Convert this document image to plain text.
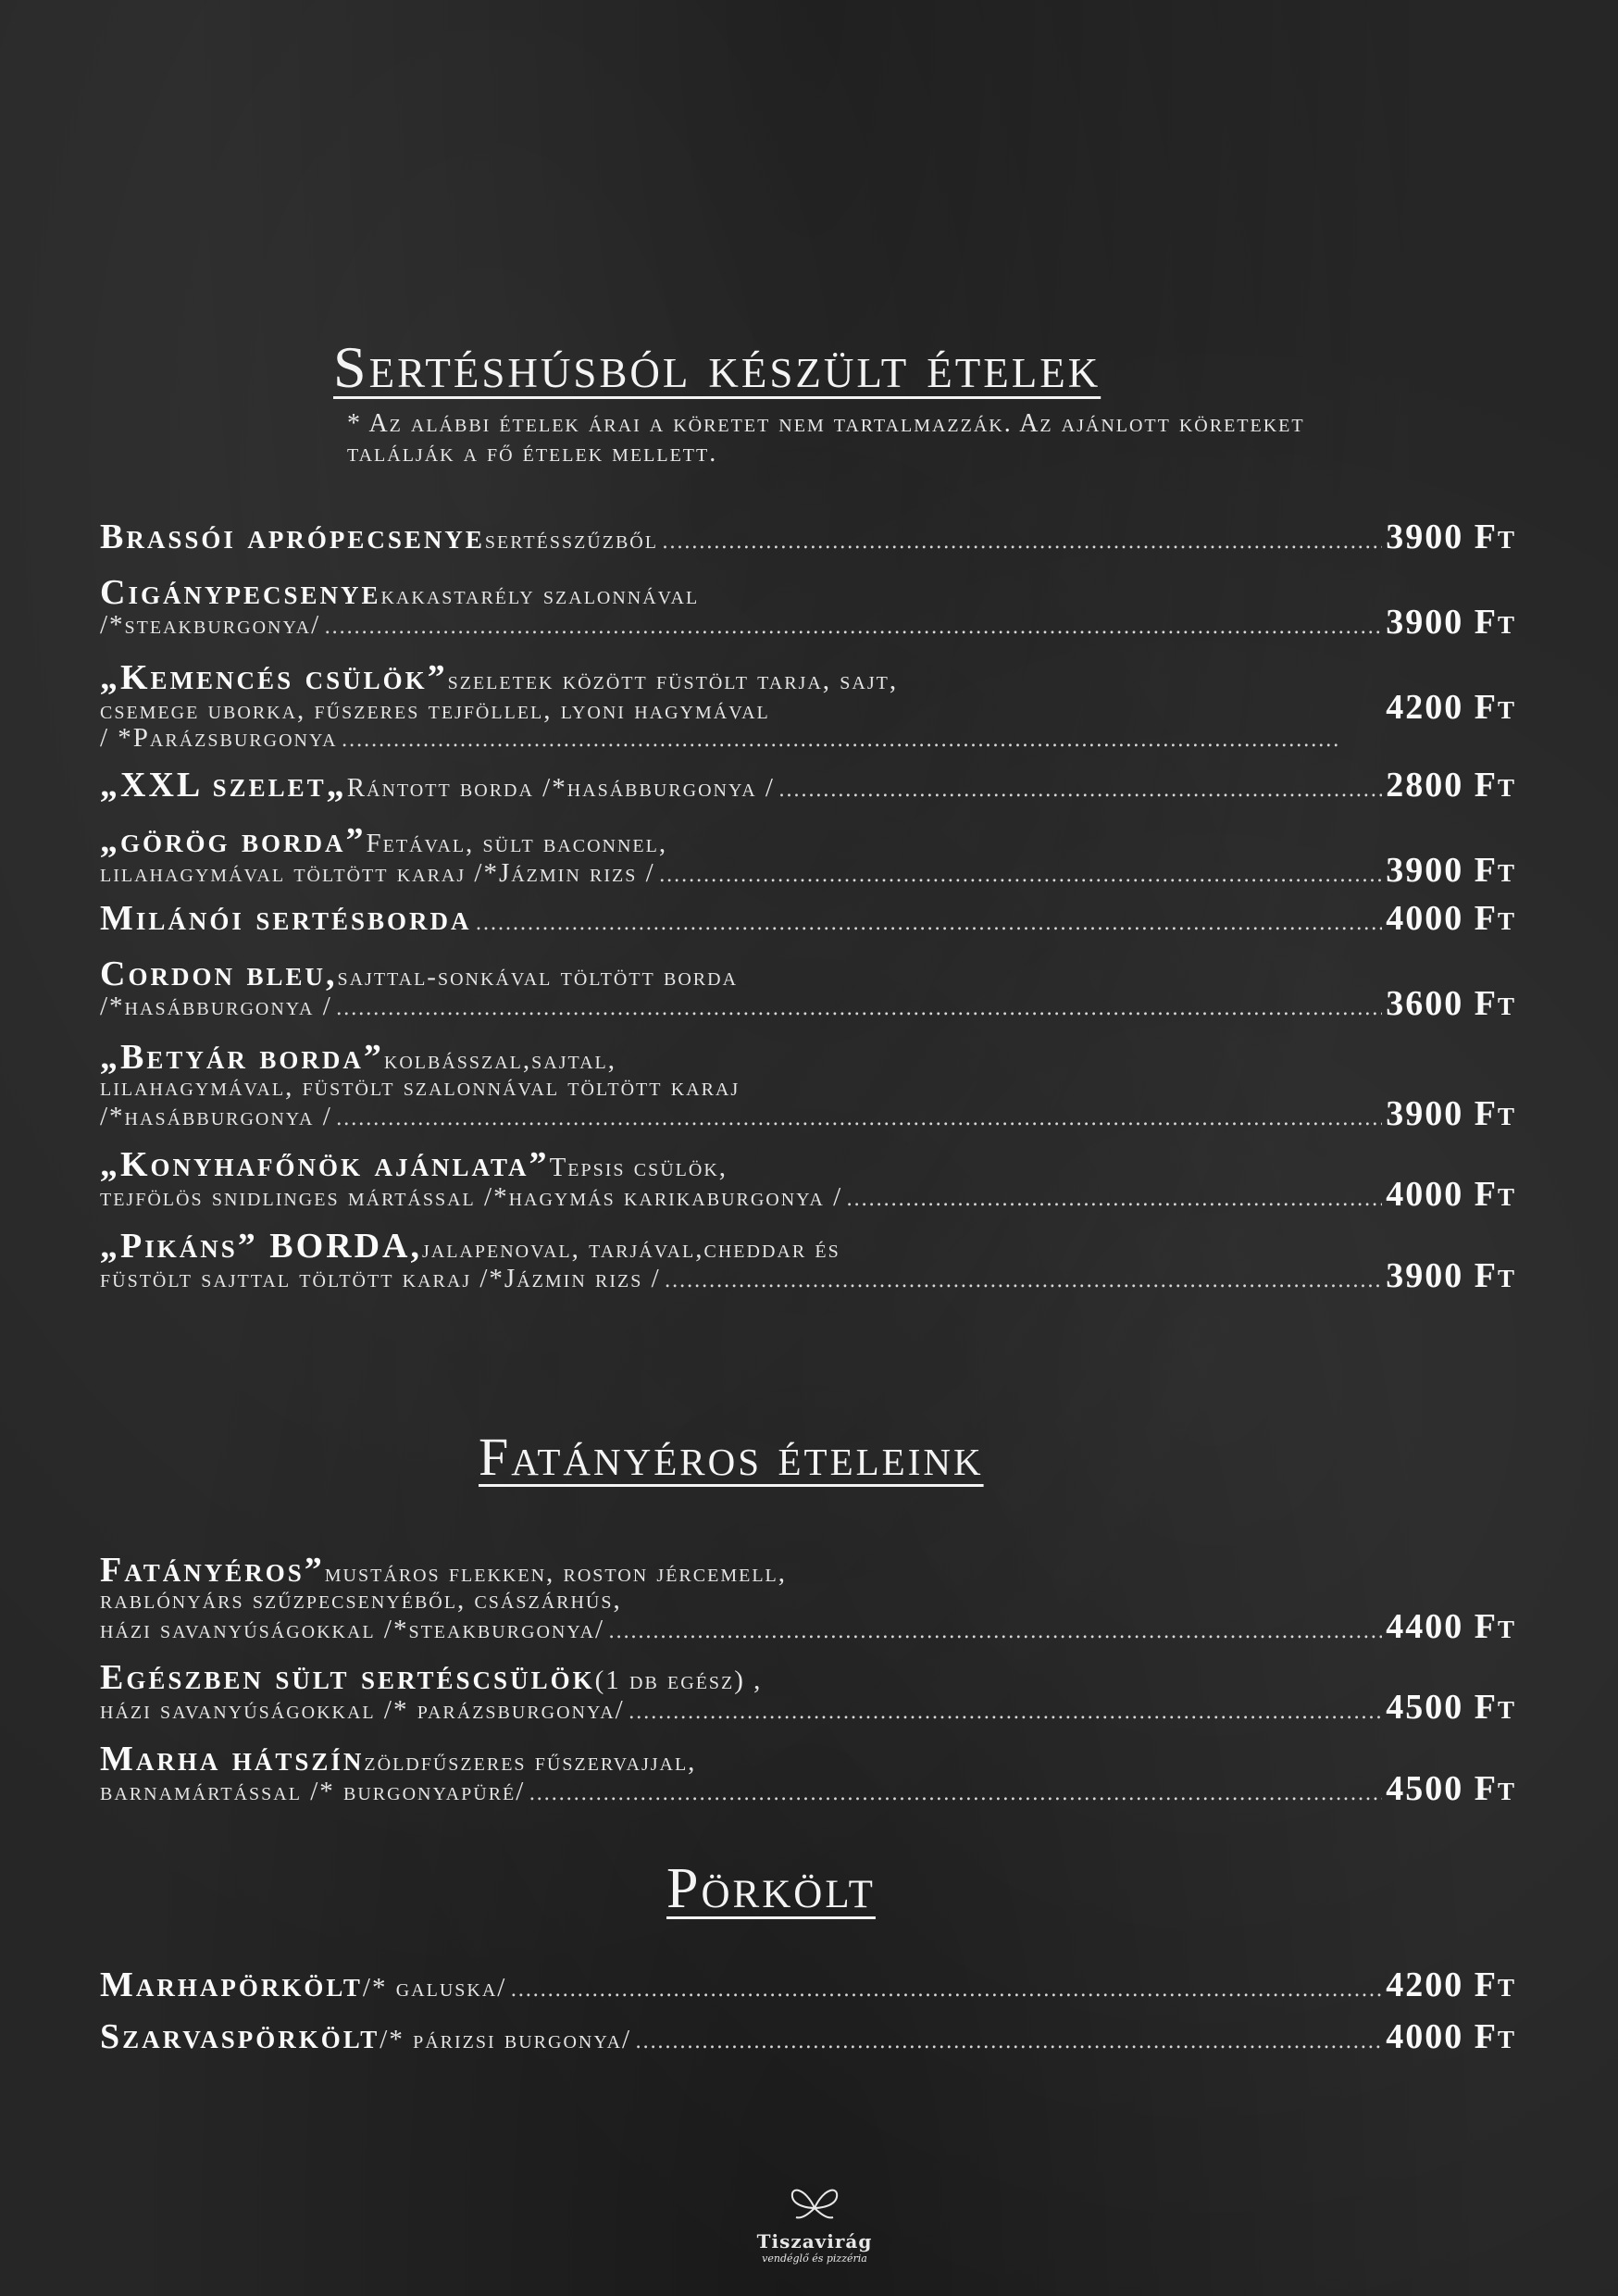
Sertéshúsból készült ételek
* Az alábbi ételek árai a köretet nem tartalmazzák. Az ajánlott köreteket találják a fő ételek mellett.
Brassói aprópecsenye sertésszűzből .....	3900 Ft
Cigánypecsenye kakastarély szalonnával
/*steakburgonya/ .....	3900 Ft
„Kemencés csülök” szeletek között füstölt tarja, sajt,
csemege uborka, fűszeres tejföllel, lyoni hagymával	4200 Ft
/ *Parázsburgonya
.....
„XXL szelet„ Rántott borda /*hasábburgonya / .....	2800 Ft
„görög borda” Fetával, sült baconnel,
lilahagymával töltött karaj /*Jázmin rizs / .....	3900 Ft
Milánói sertésborda .....	4000 Ft
Cordon bleu, sajttal-sonkával töltött borda
/*hasábburgonya / .....	3600 Ft
„Betyár borda” kolbásszal,sajtal,
lilahagymával, füstölt szalonnával töltött karaj
/*hasábburgonya / .....	3900 Ft
„Konyhafőnök ajánlata” Tepsis csülök,
tejfölös snidlinges mártással /*hagymás karikaburgonya / .....	4000 Ft
„Pikáns” BORDA, jalapenoval, tarjával,cheddar és
füstölt sajttal töltött karaj /*Jázmin rizs / .....	3900 Ft
Fatányéros ételeink
Fatányéros” mustáros flekken, roston jércemell,
rablónyárs szűzpecsenyéből, császárhús,
házi savanyúságokkal /*steakburgonya/ .....	4400 Ft
Egészben sült sertéscsülök (1 db egész) ,
házi savanyúságokkal /* parázsburgonya/ .....	4500 Ft
Marha hátszín zöldfűszeres fűszervajjal,
barnamártással /* burgonyapüré/ .....	4500 Ft
Pörkölt
Marhapörkölt /* galuska/ .....	4200 Ft
Szarvaspörkölt /* párizsi burgonya/ .....	4000 Ft
Tiszavirág
vendéglő és pizzéria
